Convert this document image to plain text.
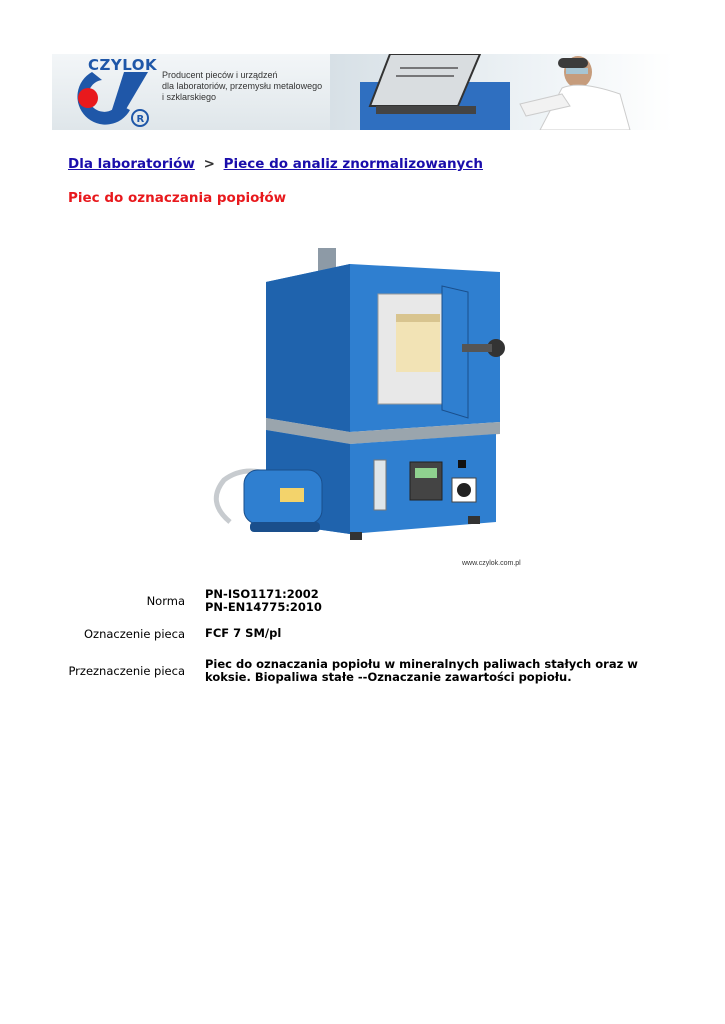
R
CZYLOK
Producent pieców i urządzeń
dla laboratoriów, przemysłu metalowego
i szklarskiego
Dla laboratoriów > Piece do analiz znormalizowanych
Piec do oznaczania popiołów
www.czylok.com.pl
Norma	PN-ISO1171:2002
PN-EN14775:2010

Oznaczenie pieca	FCF 7 SM/pl

Przeznaczenie pieca	Piec do oznaczania popiołu w mineralnych paliwach stałych oraz w
koksie. Biopaliwa stałe --Oznaczanie zawartości popiołu.
